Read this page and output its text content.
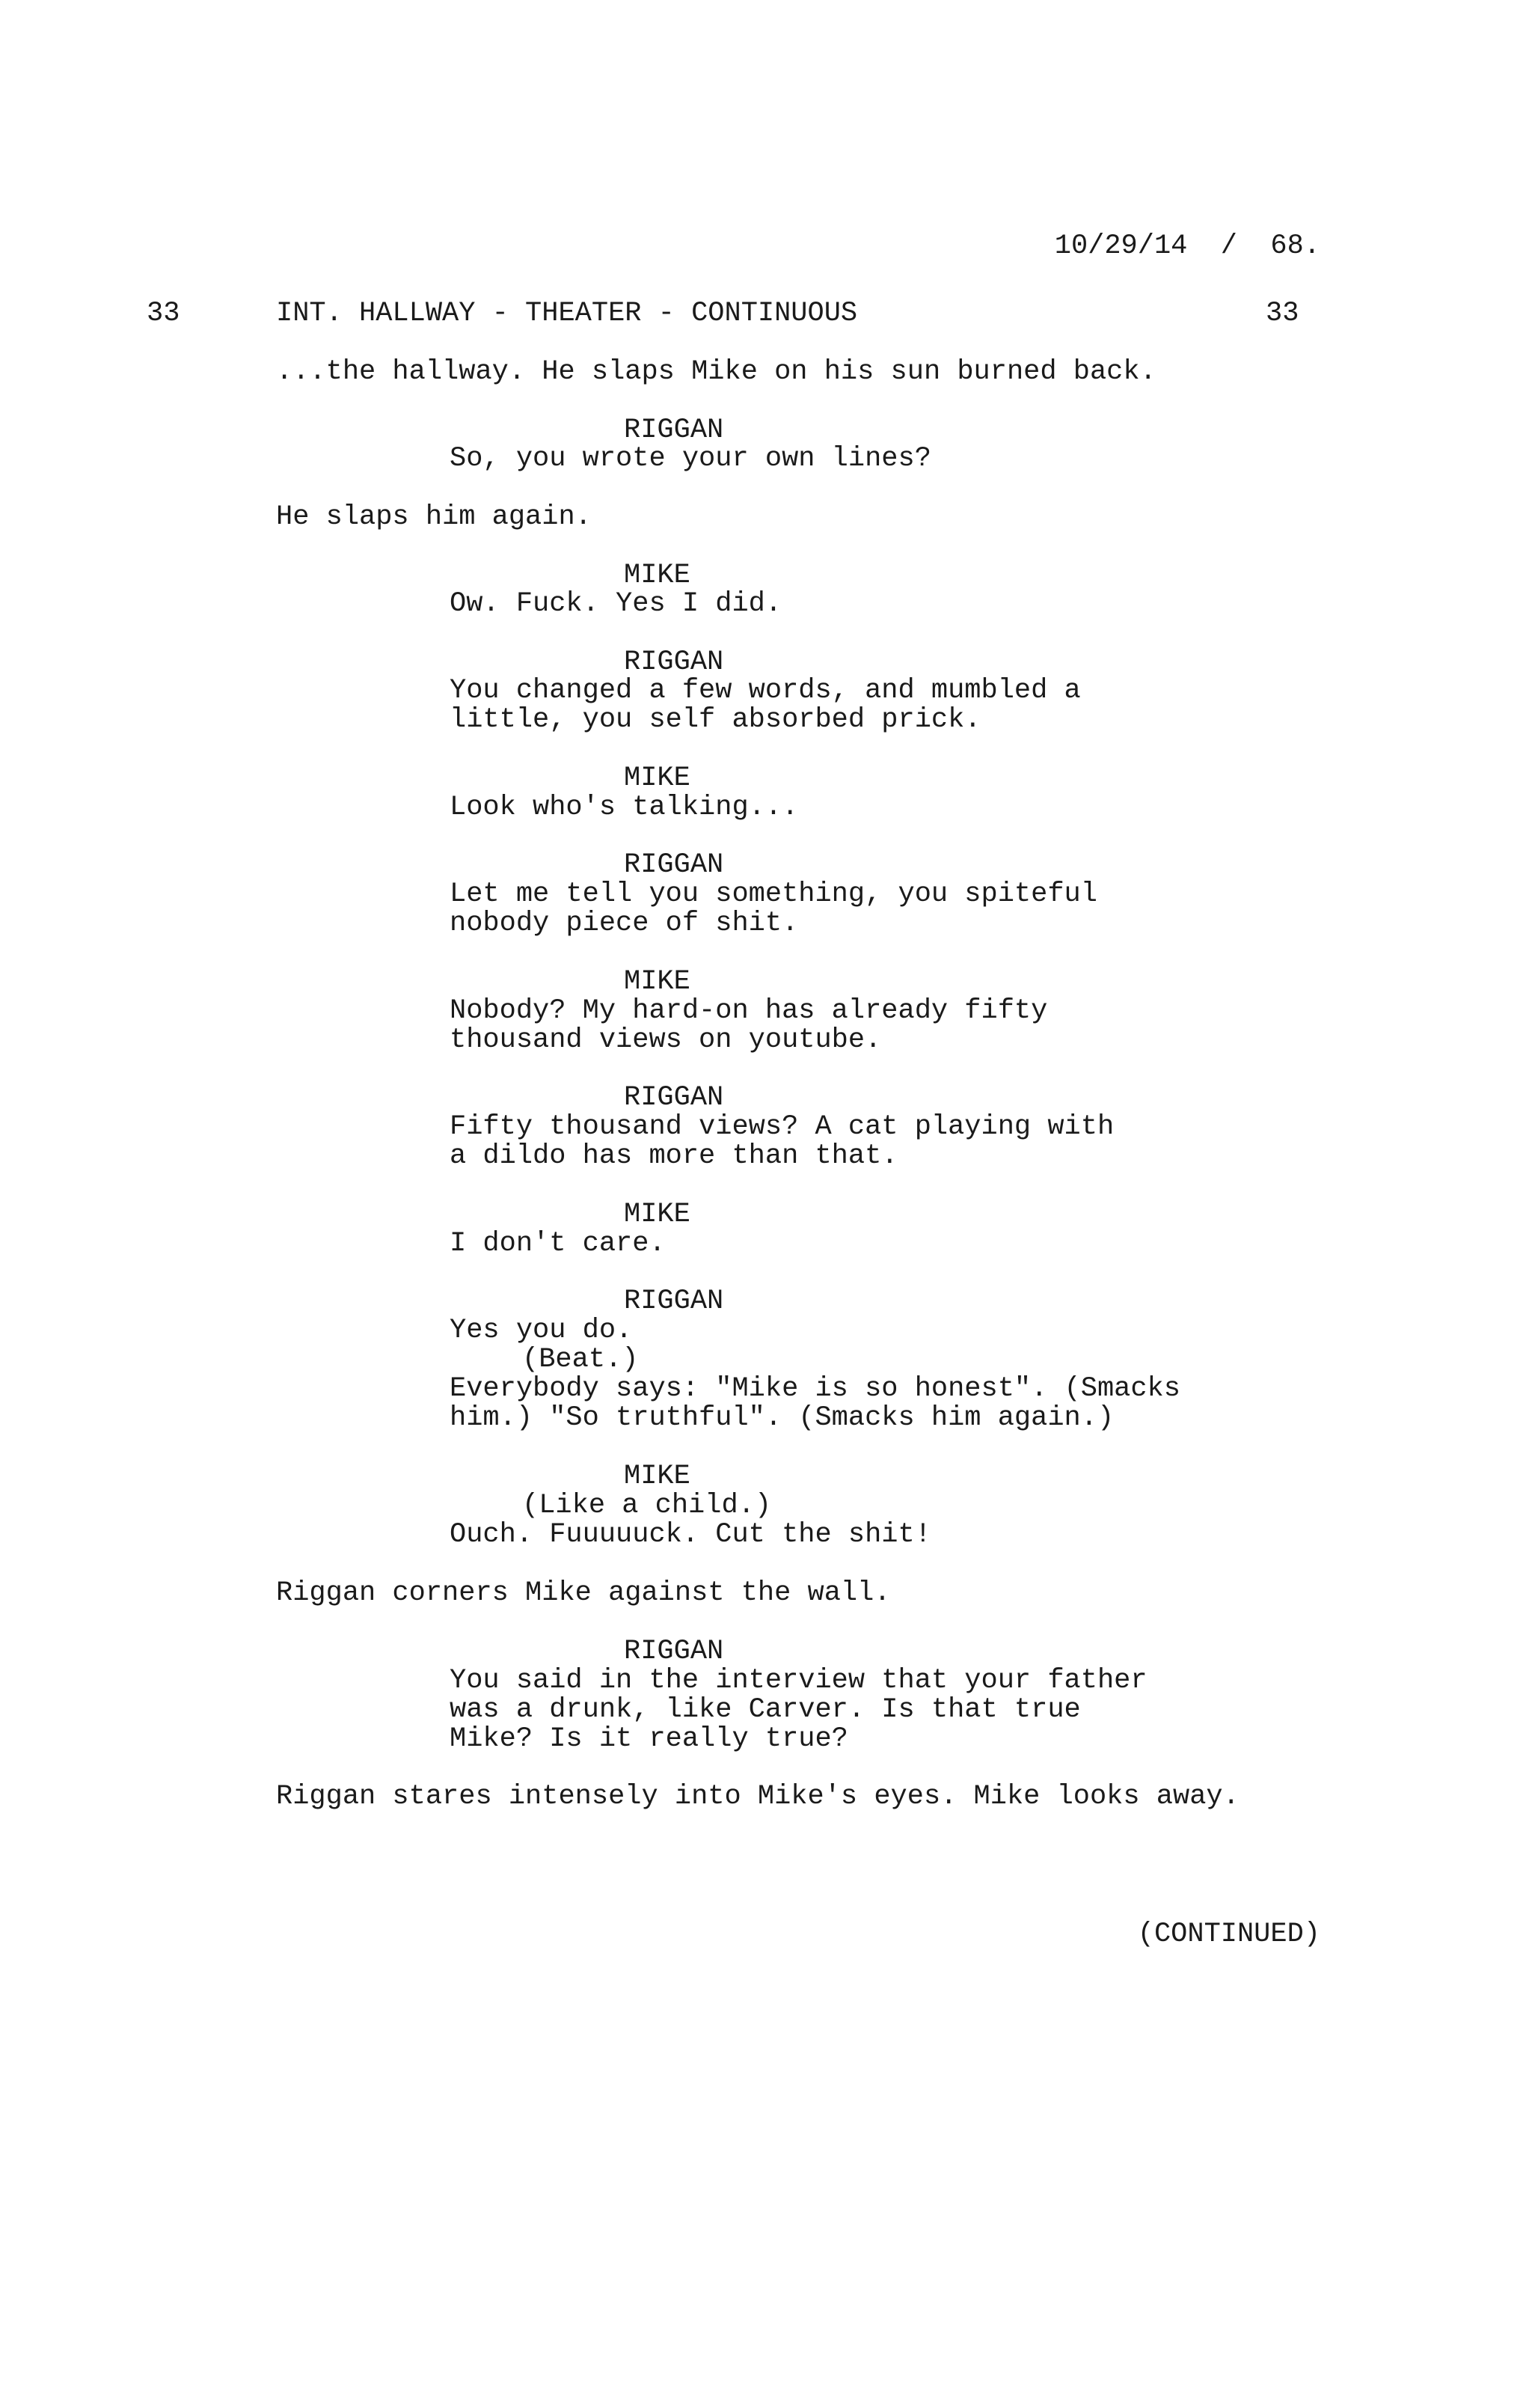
10/29/14  /  68.
33	INT. HALLWAY - THEATER - CONTINUOUS	33
...the hallway. He slaps Mike on his sun burned back.
RIGGAN
So, you wrote your own lines?
He slaps him again.
MIKE
Ow. Fuck. Yes I did.
RIGGAN
You changed a few words, and mumbled a
little, you self absorbed prick.
MIKE
Look who's talking...
RIGGAN
Let me tell you something, you spiteful
nobody piece of shit.
MIKE
Nobody? My hard-on has already fifty
thousand views on youtube.
RIGGAN
Fifty thousand views? A cat playing with
a dildo has more than that.
MIKE
I don't care.
RIGGAN
Yes you do.
(Beat.)
Everybody says: "Mike is so honest". (Smacks
him.) "So truthful". (Smacks him again.)
MIKE
(Like a child.)
Ouch. Fuuuuuck. Cut the shit!
Riggan corners Mike against the wall.
RIGGAN
You said in the interview that your father
was a drunk, like Carver. Is that true
Mike? Is it really true?
Riggan stares intensely into Mike's eyes. Mike looks away.
(CONTINUED)
